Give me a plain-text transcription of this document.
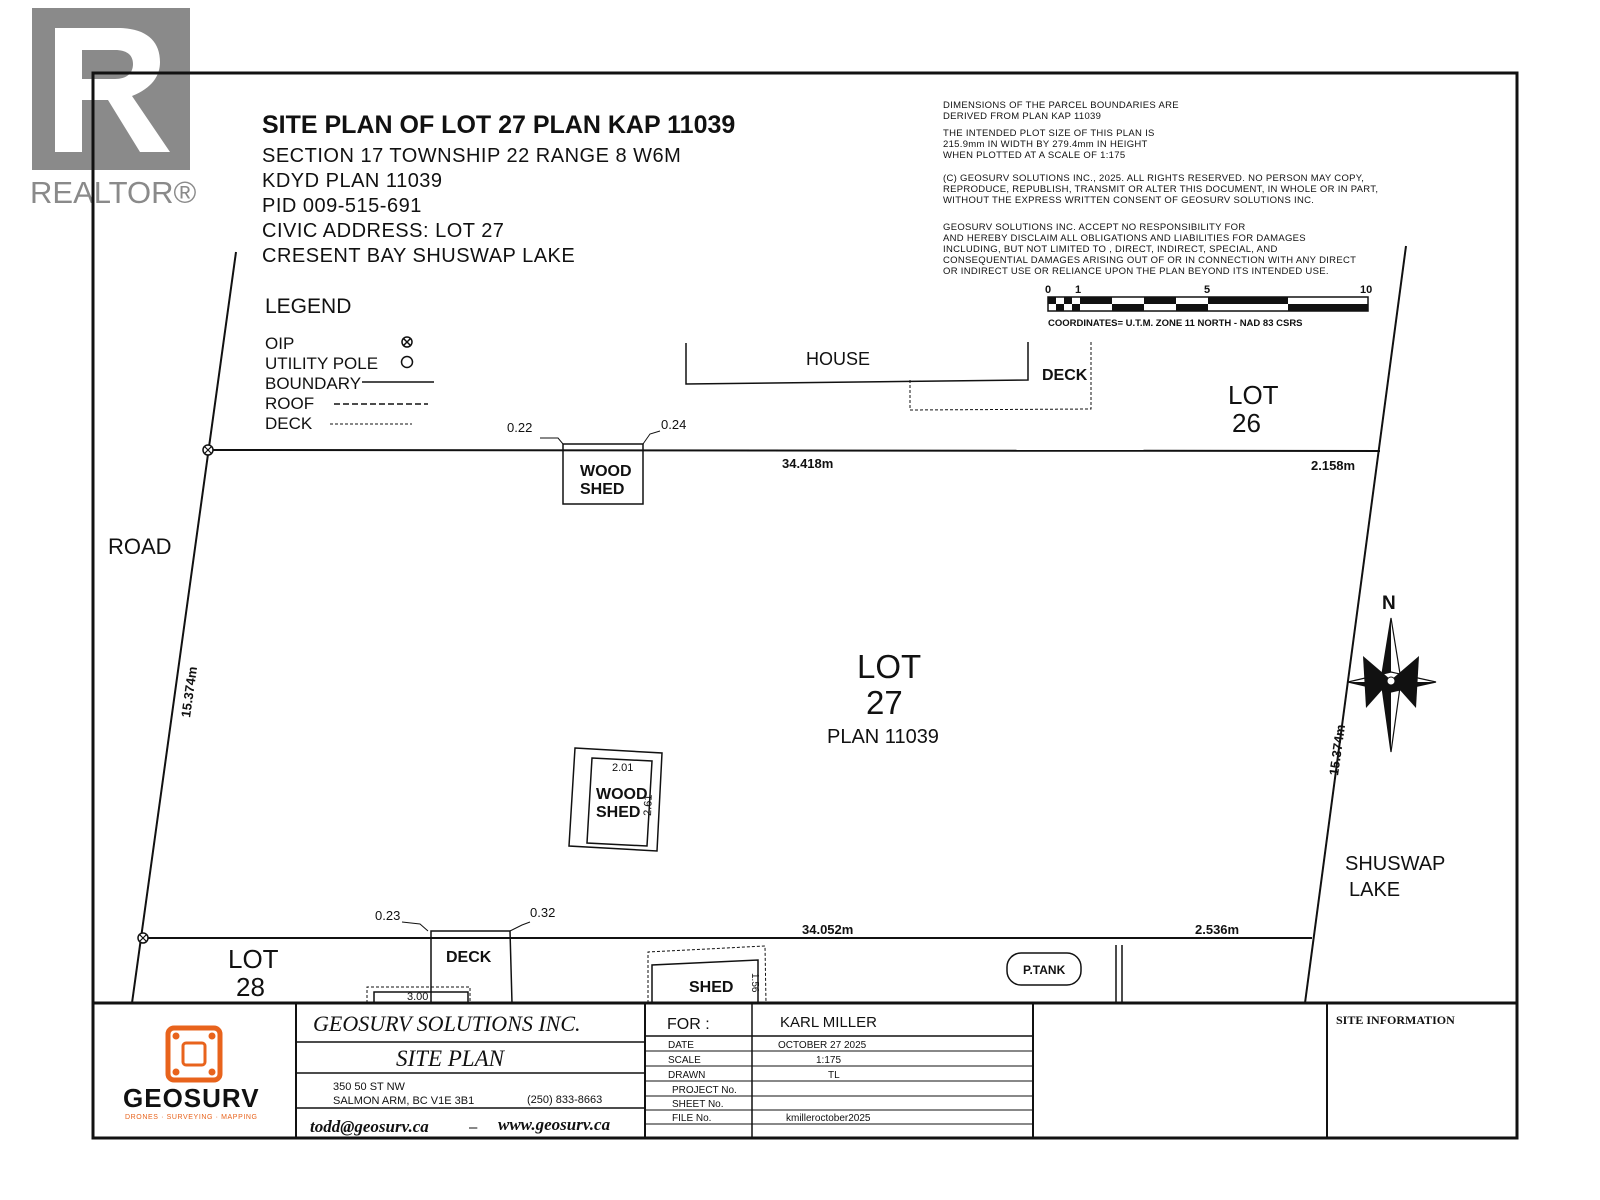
REALTOR®
SITE PLAN OF LOT 27 PLAN KAP 11039
SECTION 17 TOWNSHIP 22 RANGE 8 W6M
KDYD PLAN 11039
PID 009-515-691
CIVIC ADDRESS: LOT 27
CRESENT BAY SHUSWAP LAKE
DIMENSIONS OF THE PARCEL BOUNDARIES ARE
DERIVED FROM PLAN KAP 11039
THE INTENDED PLOT SIZE OF THIS PLAN IS
215.9mm IN WIDTH BY 279.4mm IN HEIGHT
WHEN PLOTTED AT A SCALE OF 1:175
(C) GEOSURV SOLUTIONS INC., 2025. ALL RIGHTS RESERVED. NO PERSON MAY COPY,
REPRODUCE, REPUBLISH, TRANSMIT OR ALTER THIS DOCUMENT, IN WHOLE OR IN PART,
WITHOUT THE EXPRESS WRITTEN CONSENT OF GEOSURV SOLUTIONS INC.
GEOSURV SOLUTIONS INC. ACCEPT NO RESPONSIBILITY FOR
AND HEREBY DISCLAIM ALL OBLIGATIONS AND LIABILITIES FOR DAMAGES
INCLUDING, BUT NOT LIMITED TO , DIRECT, INDIRECT, SPECIAL, AND
CONSEQUENTIAL DAMAGES ARISING OUT OF OR IN CONNECTION WITH ANY DIRECT
OR INDIRECT USE OR RELIANCE UPON THE PLAN BEYOND ITS INTENDED USE.
0 1	5	10
COORDINATES= U.T.M. ZONE 11 NORTH - NAD 83 CSRS
LEGEND
OIP
UTILITY POLE
BOUNDARY
ROOF
DECK
HOUSE
DECK
LOT
26
LOT
28
LOT
27
PLAN 11039
ROAD
SHUSWAP
LAKE
WOOD
SHED
WOOD
SHED
DECK
SHED
P.TANK
34.418m	2.158m
34.052m	2.536m
15.374m
15.374m
0.22	0.24
0.23	0.32
2.01
2.61
3.00
1.56
N
GEOSURV
DRONES · SURVEYING · MAPPING
GEOSURV SOLUTIONS INC.
SITE PLAN
350 50 ST NW
SALMON ARM, BC V1E 3B1	(250) 833-8663
todd@geosurv.ca	– www.geosurv.ca
FOR :	KARL MILLER
DATE	OCTOBER 27 2025
SCALE	1:175
DRAWN	TL
PROJECT No.
SHEET No.
FILE No.	kmilleroctober2025
SITE INFORMATION
